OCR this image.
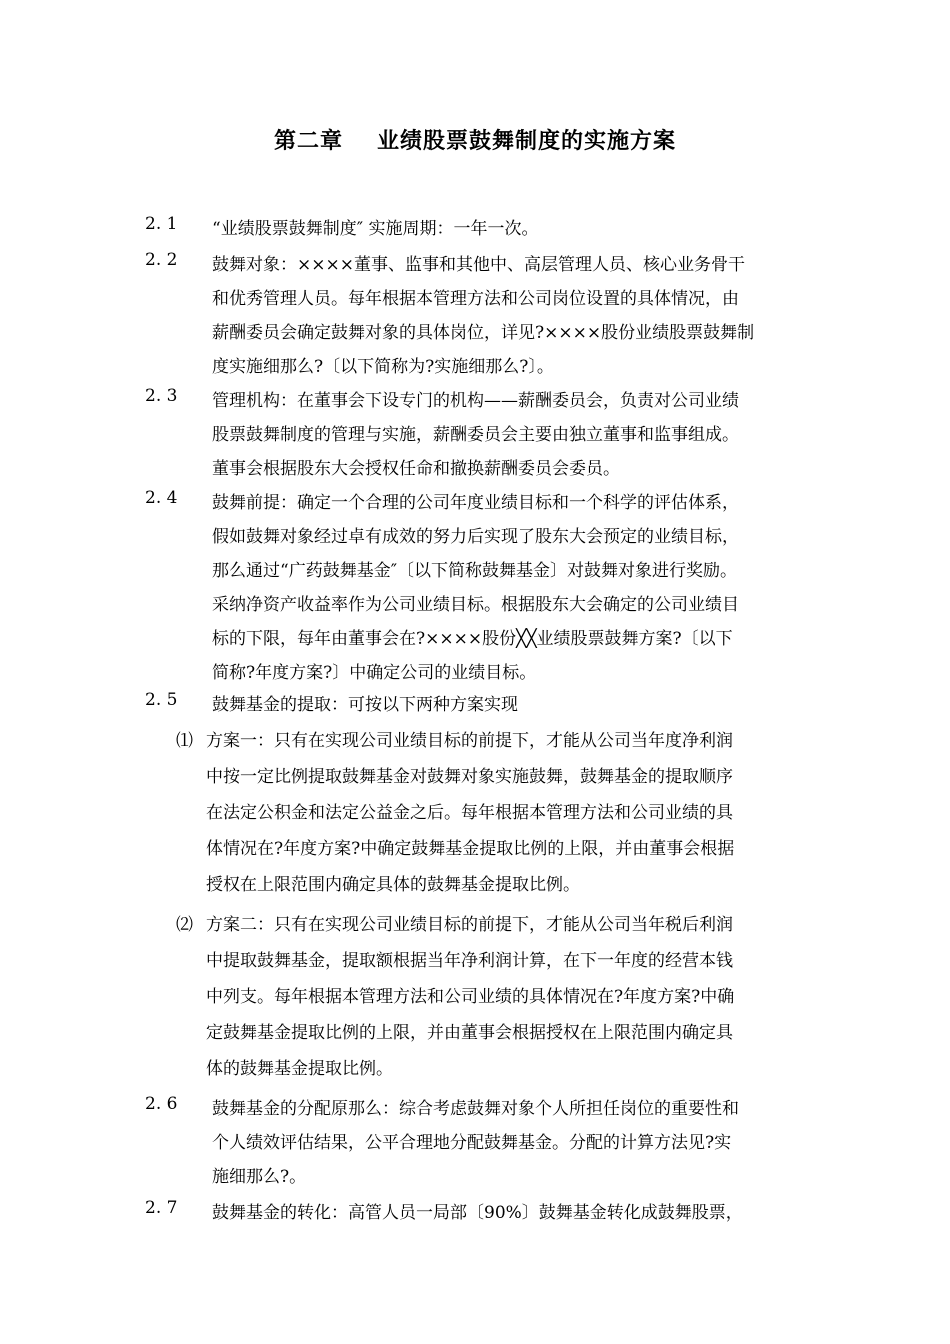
第二章 业绩股票鼓舞制度的实施方案
2. 1 “业绩股票鼓舞制度″ 实施周期：一年一次。
2. 2 鼓舞对象：××××董事、监事和其他中、高层管理人员、核心业务骨干
和优秀管理人员。每年根据本管理方法和公司岗位设置的具体情况，由
薪酬委员会确定鼓舞对象的具体岗位，详见?××××股份业绩股票鼓舞制
度实施细那么?〔以下简称为?实施细那么?〕。
2. 3 管理机构：在董事会下设专门的机构——薪酬委员会，负责对公司业绩
股票鼓舞制度的管理与实施，薪酬委员会主要由独立董事和监事组成。
董事会根据股东大会授权任命和撤换薪酬委员会委员。
2. 4 鼓舞前提：确定一个合理的公司年度业绩目标和一个科学的评估体系，
假如鼓舞对象经过卓有成效的努力后实现了股东大会预定的业绩目标，
那么通过“广药鼓舞基金″〔以下简称鼓舞基金〕对鼓舞对象进行奖励。
采纳净资产收益率作为公司业绩目标。根据股东大会确定的公司业绩目
标的下限，每年由董事会在?××××股份╳╳业绩股票鼓舞方案?〔以下
简称?年度方案?〕中确定公司的业绩目标。
2. 5 鼓舞基金的提取：可按以下两种方案实现
⑴ 方案一：只有在实现公司业绩目标的前提下，才能从公司当年度净利润
中按一定比例提取鼓舞基金对鼓舞对象实施鼓舞，鼓舞基金的提取顺序
在法定公积金和法定公益金之后。每年根据本管理方法和公司业绩的具
体情况在?年度方案?中确定鼓舞基金提取比例的上限，并由董事会根据
授权在上限范围内确定具体的鼓舞基金提取比例。
⑵ 方案二：只有在实现公司业绩目标的前提下，才能从公司当年税后利润
中提取鼓舞基金，提取额根据当年净利润计算，在下一年度的经营本钱
中列支。每年根据本管理方法和公司业绩的具体情况在?年度方案?中确
定鼓舞基金提取比例的上限，并由董事会根据授权在上限范围内确定具
体的鼓舞基金提取比例。
2. 6 鼓舞基金的分配原那么：综合考虑鼓舞对象个人所担任岗位的重要性和
个人绩效评估结果，公平合理地分配鼓舞基金。分配的计算方法见?实
施细那么?。
2. 7 鼓舞基金的转化：高管人员一局部〔90%〕鼓舞基金转化成鼓舞股票，
